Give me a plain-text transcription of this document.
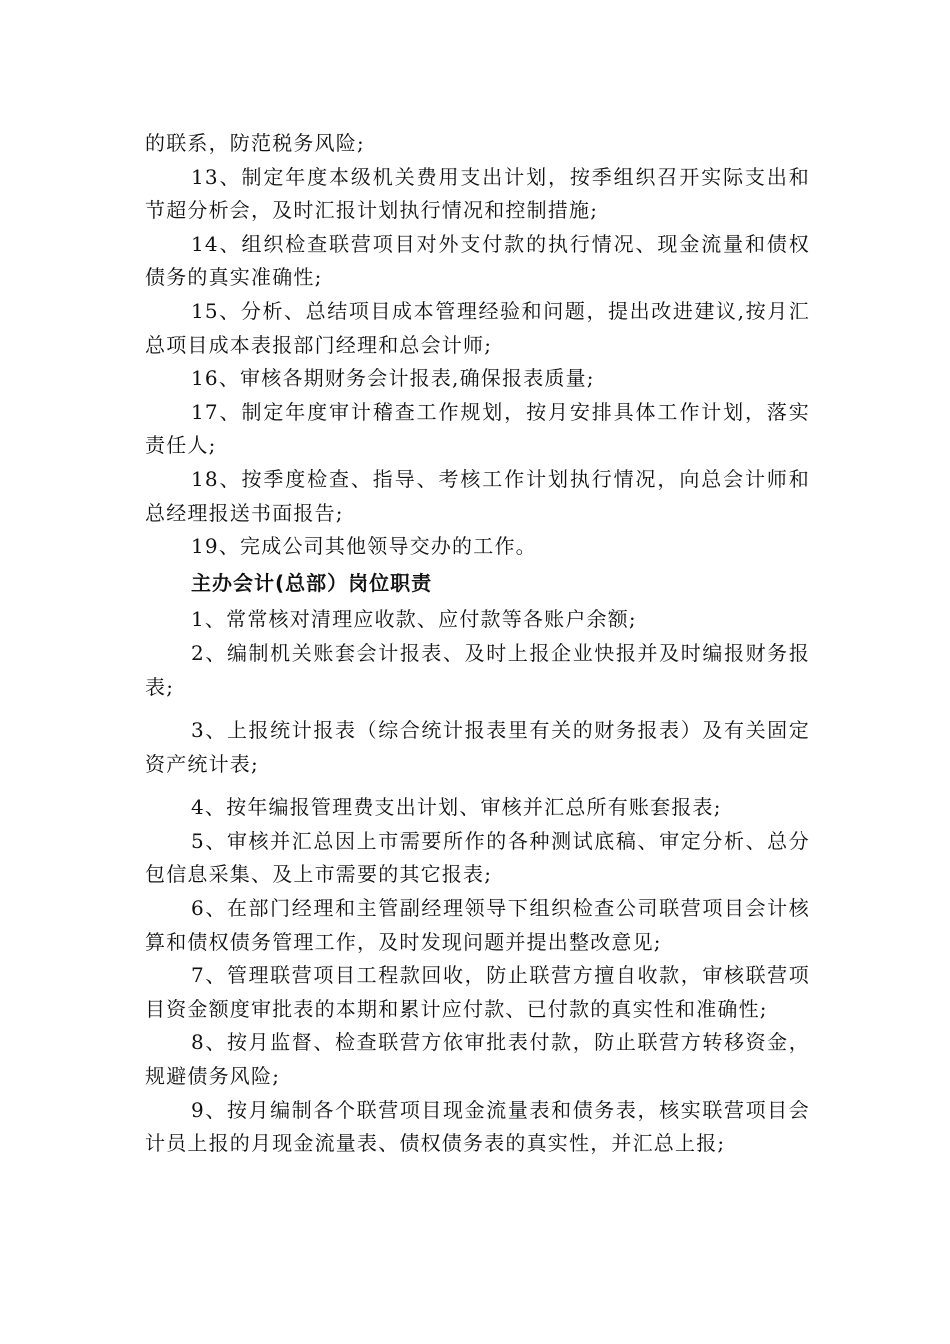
的联系，防范税务风险;

13、制定年度本级机关费用支出计划，按季组织召开实际支出和节超分析会，及时汇报计划执行情况和控制措施;

14、组织检查联营项目对外支付款的执行情况、现金流量和债权债务的真实准确性;

15、分析、总结项目成本管理经验和问题，提出改进建议,按月汇总项目成本表报部门经理和总会计师;

16、审核各期财务会计报表,确保报表质量;

17、制定年度审计稽查工作规划，按月安排具体工作计划，落实责任人;

18、按季度检查、指导、考核工作计划执行情况，向总会计师和总经理报送书面报告;

19、完成公司其他领导交办的工作。

主办会计(总部）岗位职责

1、常常核对清理应收款、应付款等各账户余额;

2、编制机关账套会计报表、及时上报企业快报并及时编报财务报表;

3、上报统计报表（综合统计报表里有关的财务报表）及有关固定资产统计表;

4、按年编报管理费支出计划、审核并汇总所有账套报表;

5、审核并汇总因上市需要所作的各种测试底稿、审定分析、总分包信息采集、及上市需要的其它报表;

6、在部门经理和主管副经理领导下组织检查公司联营项目会计核算和债权债务管理工作，及时发现问题并提出整改意见;

7、管理联营项目工程款回收，防止联营方擅自收款，审核联营项目资金额度审批表的本期和累计应付款、已付款的真实性和准确性;

8、按月监督、检查联营方依审批表付款，防止联营方转移资金，规避债务风险;

9、按月编制各个联营项目现金流量表和债务表，核实联营项目会计员上报的月现金流量表、债权债务表的真实性，并汇总上报;
